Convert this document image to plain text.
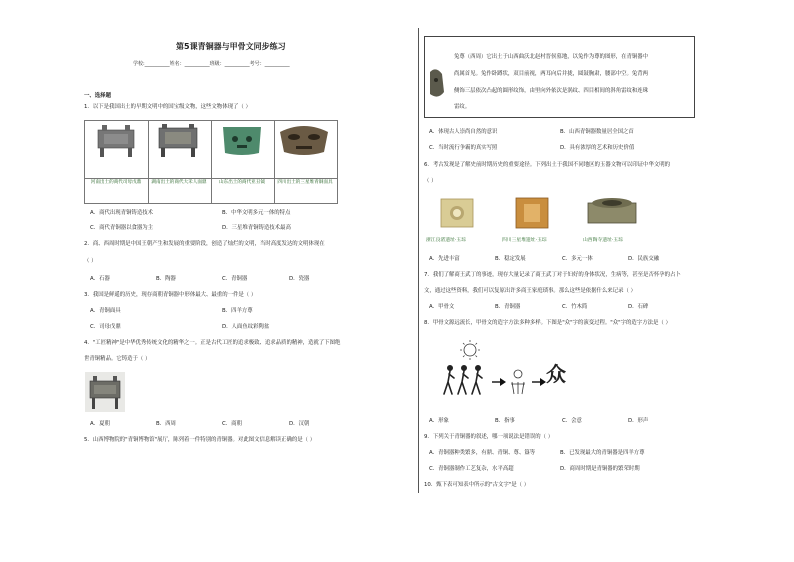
第5课青铜器与甲骨文同步练习
学校:__________姓名：__________班级：__________考号：__________
一、选择题
1．以下是我国出土的早期文明中的国宝级文物，这些文物体现了（ ）
河南出土的商代司母戊鼎	湖南出土的商代大禾人面鼎	山东出土的商代亚丑钺	四川出土的三星堆青铜面具
A．商代出现青铜铸造技术	B．中华文明多元一体的特点
C．商代青铜器以食器为主	D．三星堆青铜铸造技术最高
2．商、西周时期是中国王朝产生和发展的重要阶段，创造了灿烂的文明，当时高度发达的文明体现在
（ ）
A．石器	B．陶器	C．青铜器	D．瓷器
3．我国是鲜遥的历史，现存商朝青铜器中形体最大、最重的一件是（ ）
A．青铜面具	B．四羊方尊
C．司母戊鼎	D．人面鱼纹彩陶盆
4．"工匠精神"是中华优秀传统文化的精华之一。正是古代工匠的追求极致、追求品质的精神，造就了下图绝
世青铜精品。它铸造于（ ）
A．夏朝	B．西周	C．商朝	D．汉朝
5．山西博物院的"青铜博物馆"展厅，陈列着一件特别的青铜器。对此图文信息解读正确的是（ ）
兔尊（西周）它出土于山西曲沃北赵村晋侯墓地，以兔作为尊的图形，在青铜器中
尚属首见。兔作卧蹲状，双目前视，两耳向后并拢，圆鼓胸肃，腰部中空。兔背两
侧饰三层依次凸起的圆形纹饰，由里向外依次是涡纹、四目相间的斜角雷纹和连珠
雷纹。
A．体现古人崇尚自然的意识	B．山西青铜器数量居全国之首
C．当时流行争霸的真实写照	D．具有浓厚的艺术和历史价值
6．考古发现是了解史前时期历史的重要途径。下列出土于我国不同地区的玉器文物可以印证中华文明的
（ ）
浙江良渚遗址·玉琮	四川三星堆遗址·玉琮	山西陶寺遗址·玉琮
A．先进丰富	B．稳定发展	C．多元一体	D．民族交融
7．我们了解商王武丁的事迹，现存大量记录了商王武丁对于妇好的身体状况，生病等，甚至是否怀孕的占卜
文，通过这些资料，我们可以复原出许多商王家庭琐事。那么这些是依据什么来记录（ ）
A．甲骨文	B．青铜器	C．竹木简	D．石碑
8．甲骨文源远流长，甲骨文的造字方法多种多样。下图是"众"字的演变过程。"众"字的造字方法是（ ）
众
A．形象	B．指事	C．会意	D．形声
9．下列关于青铜器的叙述，哪一项说法是错误的（ ）
A．青铜器种类繁多，有鼎、青铜、尊、簋等	B．已发现最大的青铜器是四羊方尊
C．青铜器制作工艺复杂，水平高超	D．商周时期是青铜器的繁荣时期
10．甄下表可知表中所示的"古文字"是（ ）
